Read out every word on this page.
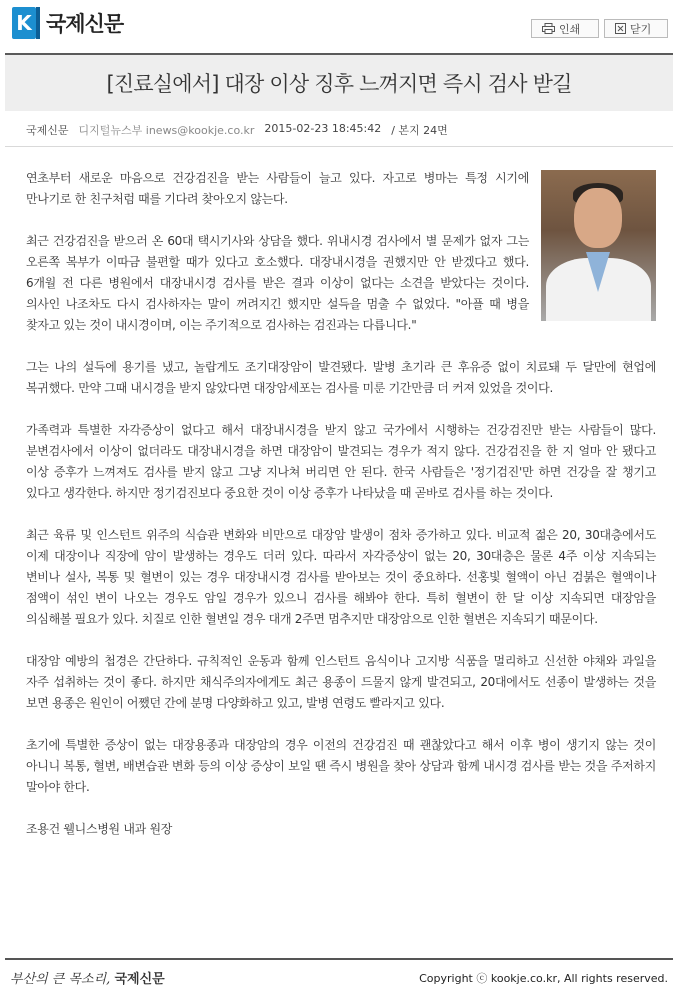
K 국제신문	인쇄	닫기
[진료실에서] 대장 이상 징후 느껴지면 즉시 검사 받길
국제신문 디지털뉴스부 inews@kookje.co.kr 2015-02-23 18:45:42 / 본지 24면

연초부터 새로운 마음으로 건강검진을 받는 사람들이 늘고 있다. 자고로 병마는 특정 시기에 만나기로 한 친구처럼 때를 기다려 찾아오지 않는다.

최근 건강검진을 받으러 온 60대 택시기사와 상담을 했다. 위내시경 검사에서 별 문제가 없자 그는 오른쪽 복부가 이따금 불편할 때가 있다고 호소했다. 대장내시경을 권했지만 안 받겠다고 했다. 6개월 전 다른 병원에서 대장내시경 검사를 받은 결과 이상이 없다는 소견을 받았다는 것이다. 의사인 나조차도 다시 검사하자는 말이 꺼려지긴 했지만 설득을 멈출 수 없었다. "아플 때 병을 찾자고 있는 것이 내시경이며, 이는 주기적으로 검사하는 검진과는 다릅니다."

그는 나의 설득에 용기를 냈고, 놀랍게도 조기대장암이 발견됐다. 발병 초기라 큰 후유증 없이 치료돼 두 달만에 현업에 복귀했다. 만약 그때 내시경을 받지 않았다면 대장암세포는 검사를 미룬 기간만큼 더 커져 있었을 것이다.

가족력과 특별한 자각증상이 없다고 해서 대장내시경을 받지 않고 국가에서 시행하는 건강검진만 받는 사람들이 많다. 분변검사에서 이상이 없더라도 대장내시경을 하면 대장암이 발견되는 경우가 적지 않다. 건강검진을 한 지 얼마 안 됐다고 이상 증후가 느껴져도 검사를 받지 않고 그냥 지나쳐 버리면 안 된다. 한국 사람들은 '정기검진'만 하면 건강을 잘 챙기고 있다고 생각한다. 하지만 정기검진보다 중요한 것이 이상 증후가 나타났을 때 곧바로 검사를 하는 것이다.

최근 육류 및 인스턴트 위주의 식습관 변화와 비만으로 대장암 발생이 점차 증가하고 있다. 비교적 젊은 20, 30대층에서도 이제 대장이나 직장에 암이 발생하는 경우도 더러 있다. 따라서 자각증상이 없는 20, 30대층은 물론 4주 이상 지속되는 변비나 설사, 복통 및 혈변이 있는 경우 대장내시경 검사를 받아보는 것이 중요하다. 선홍빛 혈액이 아닌 검붉은 혈액이나 점액이 섞인 변이 나오는 경우도 암일 경우가 있으니 검사를 해봐야 한다. 특히 혈변이 한 달 이상 지속되면 대장암을 의심해볼 필요가 있다. 치질로 인한 혈변일 경우 대개 2주면 멈추지만 대장암으로 인한 혈변은 지속되기 때문이다.

대장암 예방의 첩경은 간단하다. 규칙적인 운동과 함께 인스턴트 음식이나 고지방 식품을 멀리하고 신선한 야채와 과일을 자주 섭취하는 것이 좋다. 하지만 채식주의자에게도 최근 용종이 드물지 않게 발견되고, 20대에서도 선종이 발생하는 것을 보면 용종은 원인이 어쨌던 간에 분명 다양화하고 있고, 발병 연령도 빨라지고 있다.

초기에 특별한 증상이 없는 대장용종과 대장암의 경우 이전의 건강검진 때 괜찮았다고 해서 이후 병이 생기지 않는 것이 아니니 복통, 혈변, 배변습관 변화 등의 이상 증상이 보일 땐 즉시 병원을 찾아 상담과 함께 내시경 검사를 받는 것을 주저하지 말아야 한다.

조용건 웰니스병원 내과 원장

부산의 큰 목소리, 국제신문	Copyright ⓒ kookje.co.kr, All rights reserved.
